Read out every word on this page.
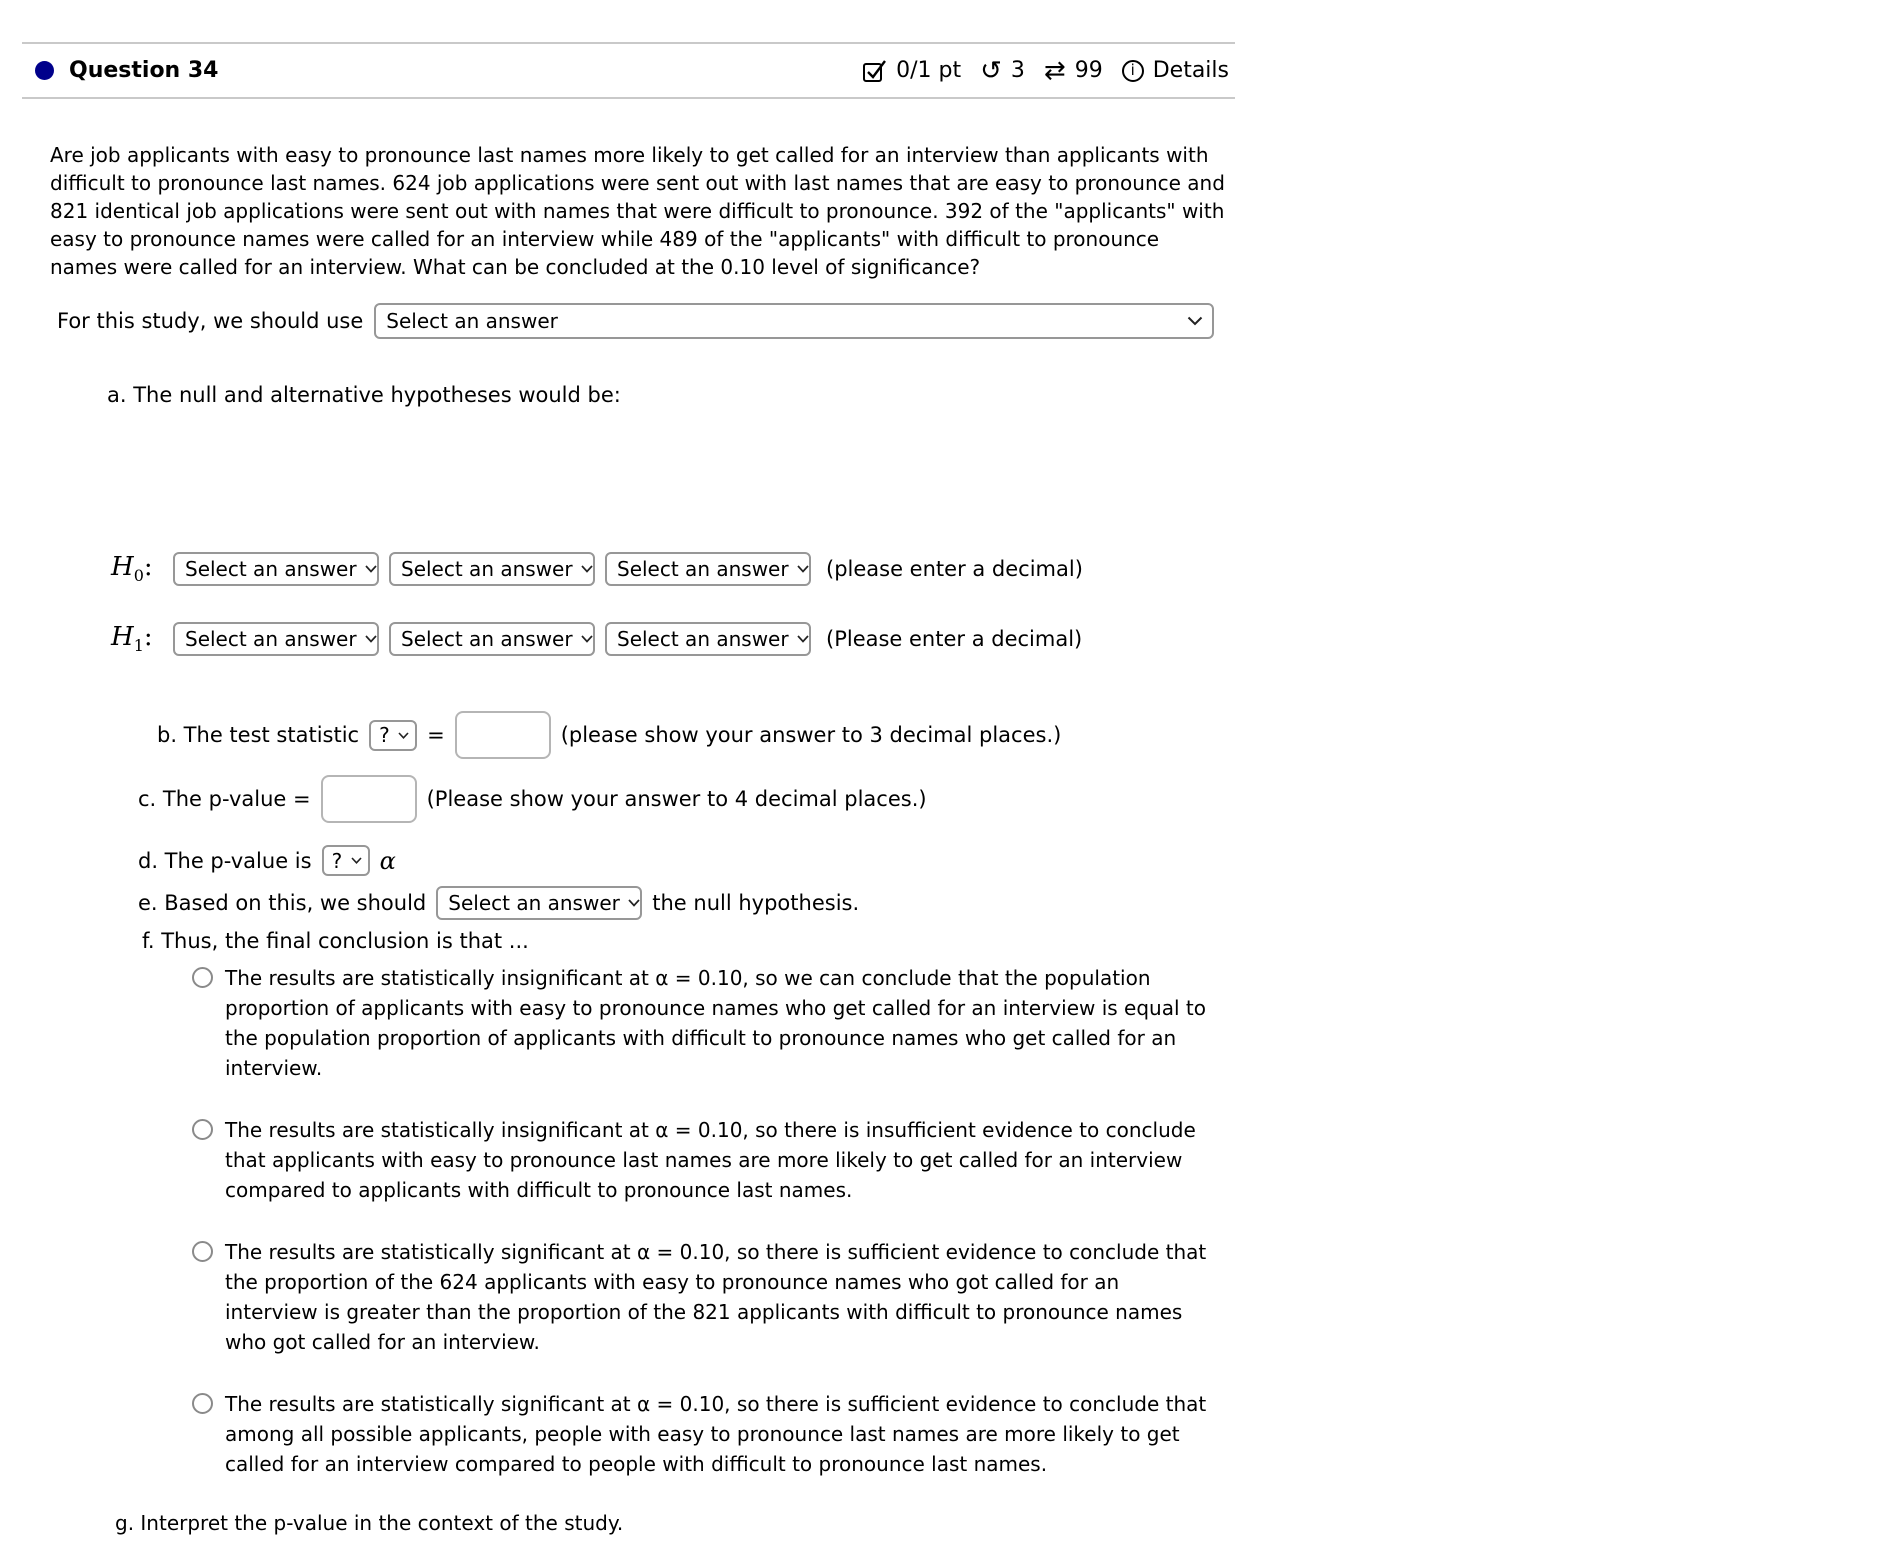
Question 34	0/1 pt ↺ 3 ⇄ 99	i Details
Are job applicants with easy to pronounce last names more likely to get called for an interview than applicants with difficult to pronounce last names. 624 job applications were sent out with last names that are easy to pronounce and 821 identical job applications were sent out with names that were difficult to pronounce. 392 of the "applicants" with easy to pronounce names were called for an interview while 489 of the "applicants" with difficult to pronounce names were called for an interview. What can be concluded at the 0.10 level of significance?
For this study, we should use Select an answer
a. The null and alternative hypotheses would be:
$H_0$:	Select an answer Select an answer Select an answer (please enter a decimal)
$H_1$:	Select an answer Select an answer Select an answer (Please enter a decimal)
b. The test statistic ? =	(please show your answer to 3 decimal places.)
c. The p-value =	(Please show your answer to 4 decimal places.)
d. The p-value is ? α
e. Based on this, we should Select an answer the null hypothesis.
f. Thus, the final conclusion is that ...
The results are statistically insignificant at α = 0.10, so we can conclude that the population proportion of applicants with easy to pronounce names who get called for an interview is equal to the population proportion of applicants with difficult to pronounce names who get called for an interview.
The results are statistically insignificant at α = 0.10, so there is insufficient evidence to conclude that applicants with easy to pronounce last names are more likely to get called for an interview compared to applicants with difficult to pronounce last names.
The results are statistically significant at α = 0.10, so there is sufficient evidence to conclude that the proportion of the 624 applicants with easy to pronounce names who got called for an interview is greater than the proportion of the 821 applicants with difficult to pronounce names who got called for an interview.
The results are statistically significant at α = 0.10, so there is sufficient evidence to conclude that among all possible applicants, people with easy to pronounce last names are more likely to get called for an interview compared to people with difficult to pronounce last names.
g. Interpret the p-value in the context of the study.
